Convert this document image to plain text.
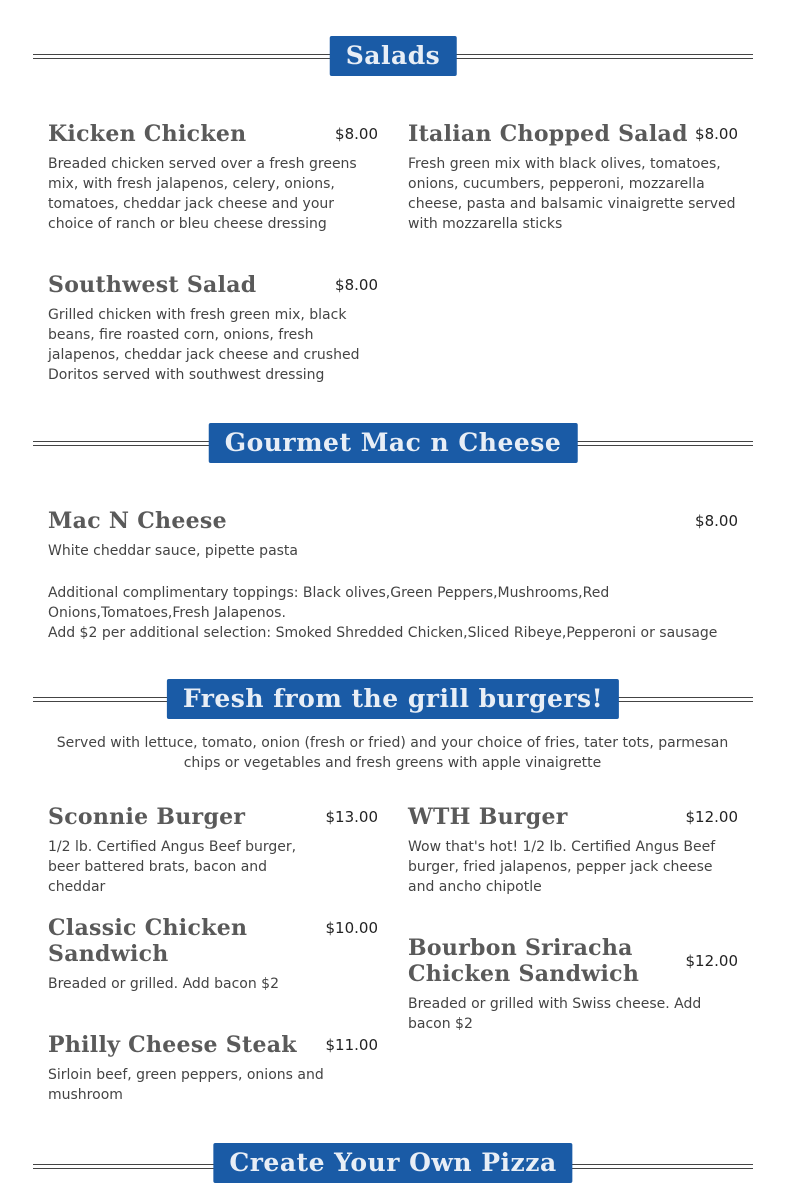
Salads
Kicken Chicken	$8.00
Breaded chicken served over a fresh greens mix, with fresh jalapenos, celery, onions, tomatoes, cheddar jack cheese and your choice of ranch or bleu cheese dressing
Italian Chopped Salad $8.00
Fresh green mix with black olives, tomatoes, onions, cucumbers, pepperoni, mozzarella cheese, pasta and balsamic vinaigrette served with mozzarella sticks
Southwest Salad	$8.00
Grilled chicken with fresh green mix, black beans, fire roasted corn, onions, fresh jalapenos, cheddar jack cheese and crushed Doritos served with southwest dressing
Gourmet Mac n Cheese
Mac N Cheese	$8.00
White cheddar sauce, pipette pasta
Additional complimentary toppings: Black olives,Green Peppers,Mushrooms,Red Onions,Tomatoes,Fresh Jalapenos.
Add $2 per additional selection: Smoked Shredded Chicken,Sliced Ribeye,Pepperoni or sausage
Fresh from the grill burgers!
Served with lettuce, tomato, onion (fresh or fried) and your choice of fries, tater tots, parmesan chips or vegetables and fresh greens with apple vinaigrette
Sconnie Burger	$13.00
1/2 lb. Certified Angus Beef burger, beer battered brats, bacon and cheddar
WTH Burger	$12.00
Wow that's hot! 1/2 lb. Certified Angus Beef burger, fried jalapenos, pepper jack cheese and ancho chipotle
Classic Chicken Sandwich
$10.00
Breaded or grilled. Add bacon $2
Bourbon Sriracha Chicken Sandwich	$12.00
Breaded or grilled with Swiss cheese. Add bacon $2
Philly Cheese Steak	$11.00
Sirloin beef, green peppers, onions and mushroom
Create Your Own Pizza
